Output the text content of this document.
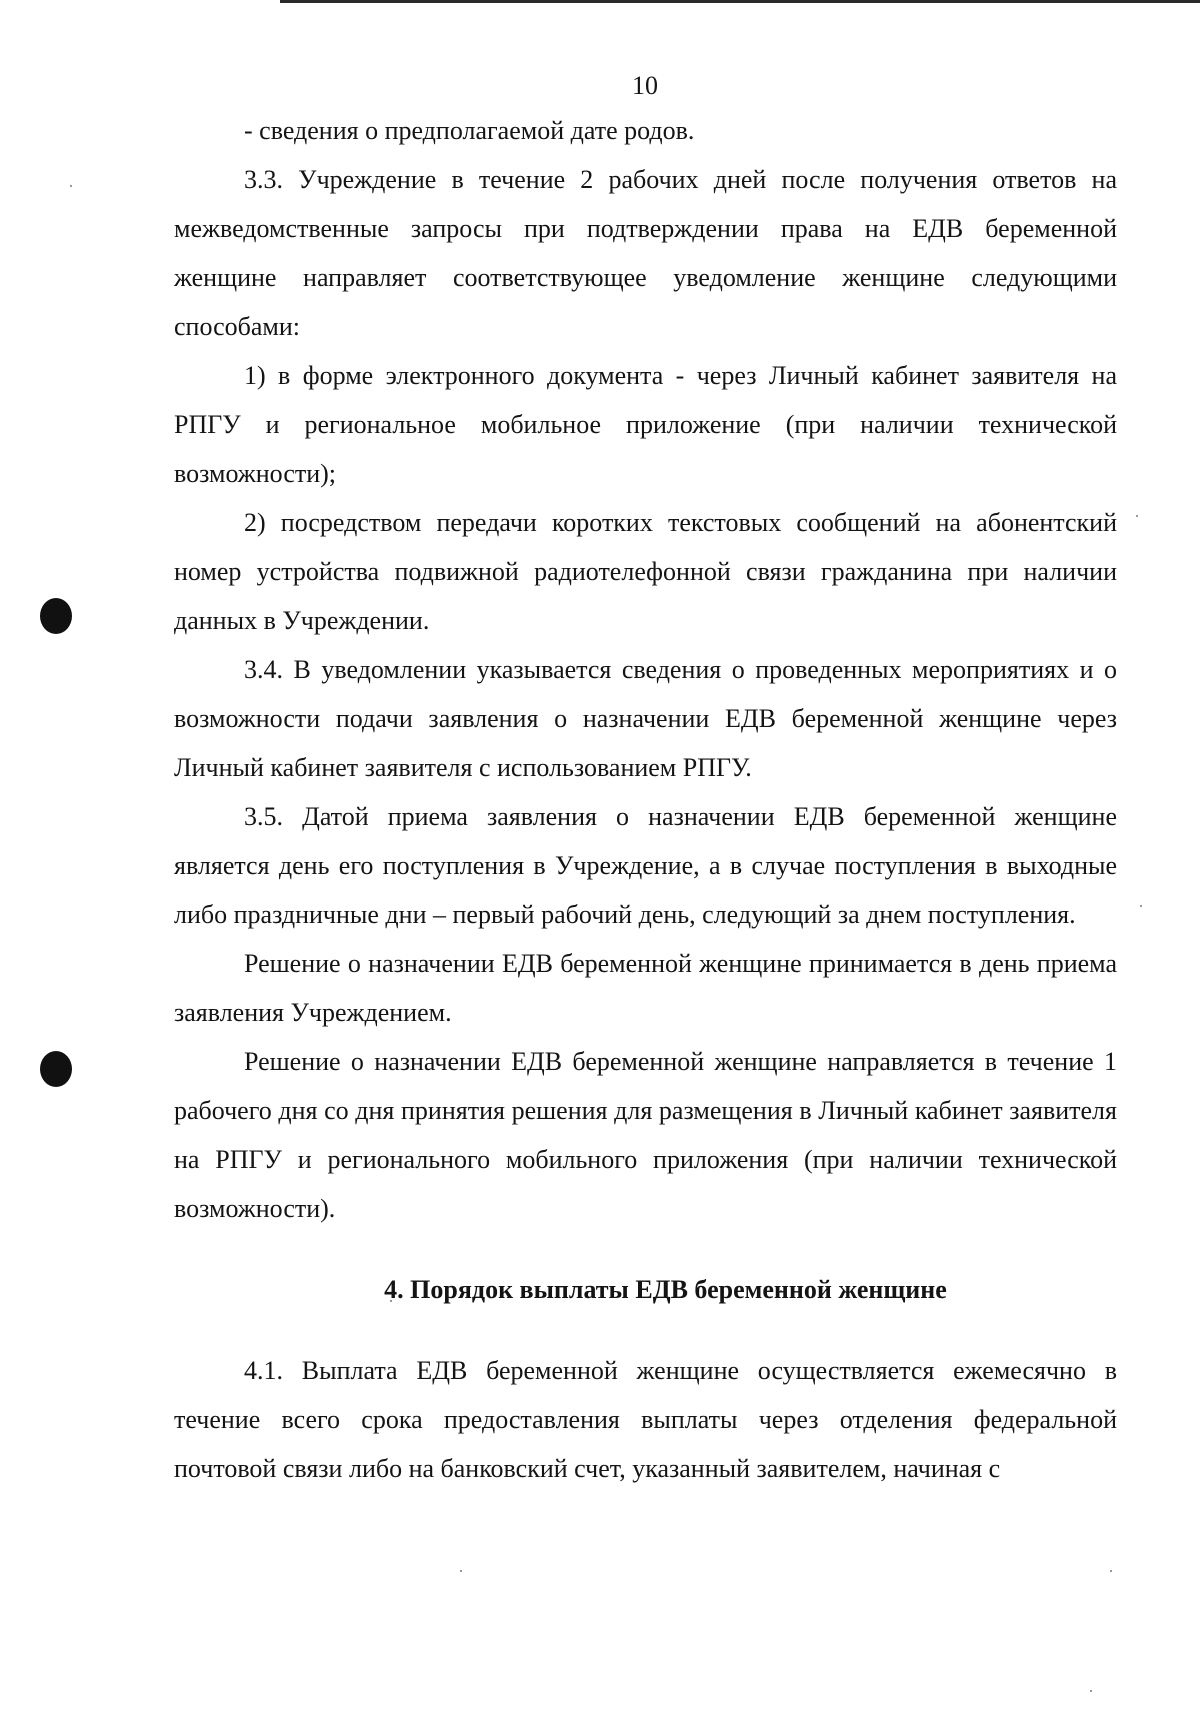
10

- сведения о предполагаемой дате родов.

3.3. Учреждение в течение 2 рабочих дней после получения ответов на межведомственные запросы при подтверждении права на ЕДВ беременной женщине направляет соответствующее уведомление женщине следующими способами:

1) в форме электронного документа - через Личный кабинет заявителя на РПГУ и региональное мобильное приложение (при наличии технической возможности);

2) посредством передачи коротких текстовых сообщений на абонентский номер устройства подвижной радиотелефонной связи гражданина при наличии данных в Учреждении.

3.4. В уведомлении указывается сведения о проведенных мероприятиях и о возможности подачи заявления о назначении ЕДВ беременной женщине через Личный кабинет заявителя с использованием РПГУ.

3.5. Датой приема заявления о назначении ЕДВ беременной женщине является день его поступления в Учреждение, а в случае поступления в выходные либо праздничные дни – первый рабочий день, следующий за днем поступления.

Решение о назначении ЕДВ беременной женщине принимается в день приема заявления Учреждением.

Решение о назначении ЕДВ беременной женщине направляется в течение 1 рабочего дня со дня принятия решения для размещения в Личный кабинет заявителя на РПГУ и регионального мобильного приложения (при наличии технической возможности).

4. Порядок выплаты ЕДВ беременной женщине

4.1. Выплата ЕДВ беременной женщине осуществляется ежемесячно в течение всего срока предоставления выплаты через отделения федеральной почтовой связи либо на банковский счет, указанный заявителем, начиная с
